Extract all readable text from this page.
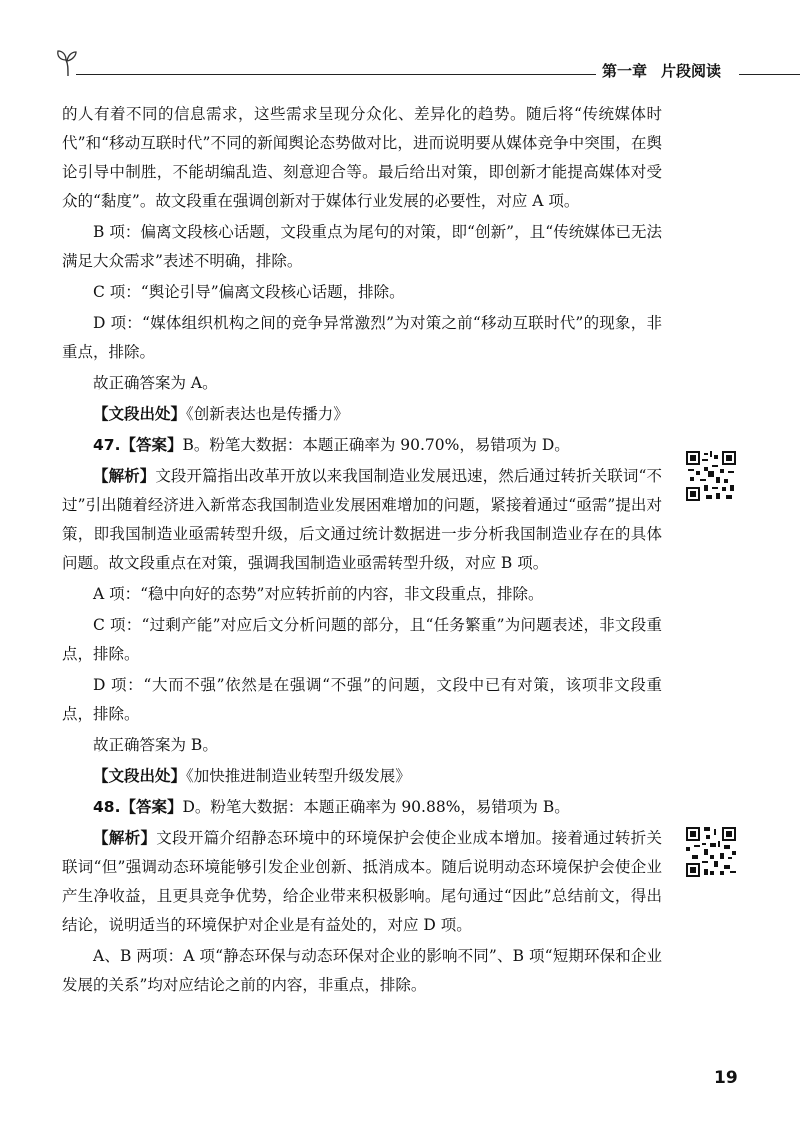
第一章 片段阅读

的人有着不同的信息需求，这些需求呈现分众化、差异化的趋势。随后将“传统媒体时代”和“移动互联时代”不同的新闻舆论态势做对比，进而说明要从媒体竞争中突围，在舆论引导中制胜，不能胡编乱造、刻意迎合等。最后给出对策，即创新才能提高媒体对受众的“黏度”。故文段重在强调创新对于媒体行业发展的必要性，对应 A 项。

B 项：偏离文段核心话题，文段重点为尾句的对策，即“创新”，且“传统媒体已无法满足大众需求”表述不明确，排除。

C 项：“舆论引导”偏离文段核心话题，排除。

D 项：“媒体组织机构之间的竞争异常激烈”为对策之前“移动互联时代”的现象，非重点，排除。

故正确答案为 A。

【文段出处】《创新表达也是传播力》

47.【答案】B。粉笔大数据：本题正确率为 90.70%，易错项为 D。

【解析】文段开篇指出改革开放以来我国制造业发展迅速，然后通过转折关联词“不过”引出随着经济进入新常态我国制造业发展困难增加的问题，紧接着通过“亟需”提出对策，即我国制造业亟需转型升级，后文通过统计数据进一步分析我国制造业存在的具体问题。故文段重点在对策，强调我国制造业亟需转型升级，对应 B 项。

A 项：“稳中向好的态势”对应转折前的内容，非文段重点，排除。

C 项：“过剩产能”对应后文分析问题的部分，且“任务繁重”为问题表述，非文段重点，排除。

D 项：“大而不强”依然是在强调“不强”的问题，文段中已有对策，该项非文段重点，排除。

故正确答案为 B。

【文段出处】《加快推进制造业转型升级发展》

48.【答案】D。粉笔大数据：本题正确率为 90.88%，易错项为 B。

【解析】文段开篇介绍静态环境中的环境保护会使企业成本增加。接着通过转折关联词“但”强调动态环境能够引发企业创新、抵消成本。随后说明动态环境保护会使企业产生净收益，且更具竞争优势，给企业带来积极影响。尾句通过“因此”总结前文，得出结论，说明适当的环境保护对企业是有益处的，对应 D 项。

A、B 两项：A 项“静态环保与动态环保对企业的影响不同”、B 项“短期环保和企业发展的关系”均对应结论之前的内容，非重点，排除。

19
